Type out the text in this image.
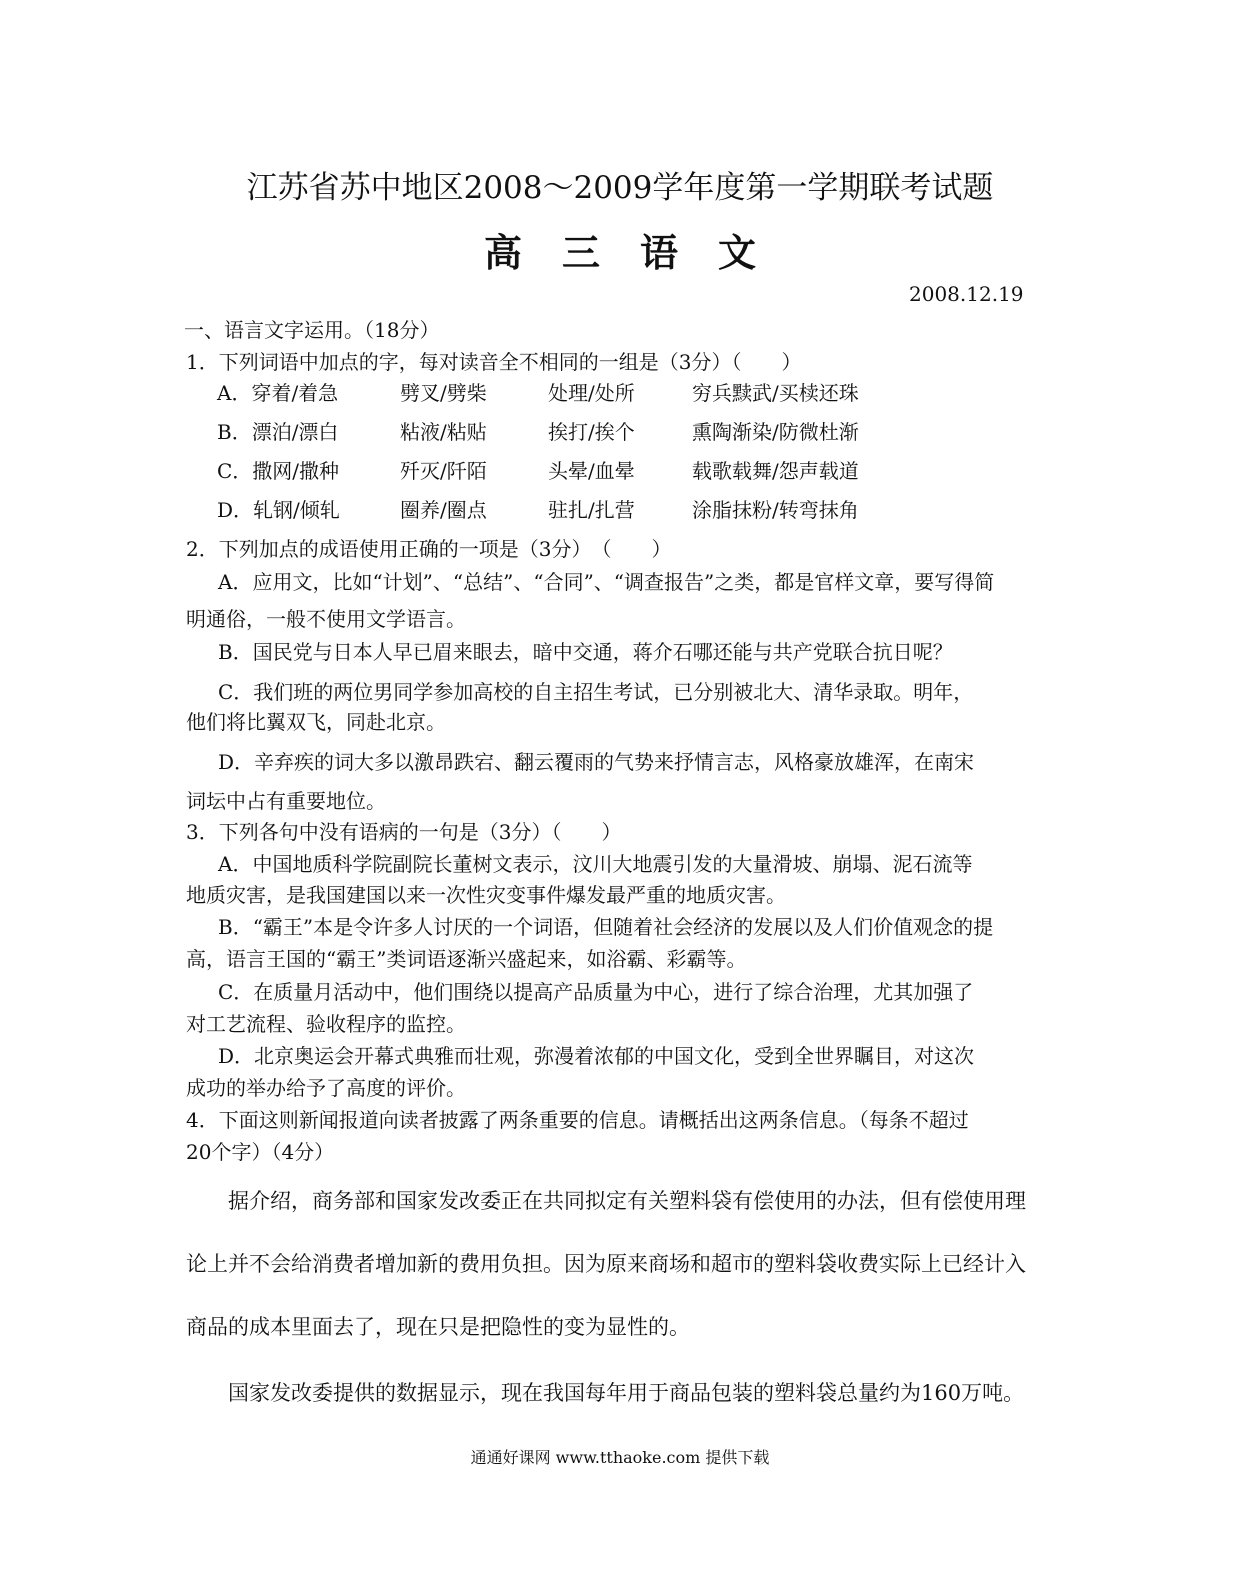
江苏省苏中地区2008～2009学年度第一学期联考试题
高三语文
2008.12.19
一、语言文字运用。（18分）
1．下列词语中加点的字，每对读音全不相同的一组是（3分）（　　）
A．穿着/着急	劈叉/劈柴	处理/处所	穷兵黩武/买椟还珠
B．漂泊/漂白	粘液/粘贴	挨打/挨个	熏陶渐染/防微杜渐
C．撒网/撒种	歼灭/阡陌	头晕/血晕	载歌载舞/怨声载道
D．轧钢/倾轧	圈养/圈点	驻扎/扎营	涂脂抹粉/转弯抹角
2．下列加点的成语使用正确的一项是（3分）　（　　）
A．应用文，比如“计划”、“总结”、“合同”、“调查报告”之类，都是官样文章，要写得简
明通俗，一般不使用文学语言。
B．国民党与日本人早已眉来眼去，暗中交通，蒋介石哪还能与共产党联合抗日呢？
C．我们班的两位男同学参加高校的自主招生考试，已分别被北大、清华录取。明年，
他们将比翼双飞，同赴北京。
D．辛弃疾的词大多以激昂跌宕、翻云覆雨的气势来抒情言志，风格豪放雄浑，在南宋
词坛中占有重要地位。
3．下列各句中没有语病的一句是（3分）（　　）
A．中国地质科学院副院长董树文表示，汶川大地震引发的大量滑坡、崩塌、泥石流等
地质灾害，是我国建国以来一次性灾变事件爆发最严重的地质灾害。
B．“霸王”本是令许多人讨厌的一个词语，但随着社会经济的发展以及人们价值观念的提
高，语言王国的“霸王”类词语逐渐兴盛起来，如浴霸、彩霸等。
C．在质量月活动中，他们围绕以提高产品质量为中心，进行了综合治理，尤其加强了
对工艺流程、验收程序的监控。
D．北京奥运会开幕式典雅而壮观，弥漫着浓郁的中国文化，受到全世界瞩目，对这次
成功的举办给予了高度的评价。
4．下面这则新闻报道向读者披露了两条重要的信息。请概括出这两条信息。（每条不超过
20个字）（4分）
据介绍，商务部和国家发改委正在共同拟定有关塑料袋有偿使用的办法，但有偿使用理
论上并不会给消费者增加新的费用负担。因为原来商场和超市的塑料袋收费实际上已经计入
商品的成本里面去了，现在只是把隐性的变为显性的。
国家发改委提供的数据显示，现在我国每年用于商品包装的塑料袋总量约为160万吨。
通通好课网 www.tthaoke.com 提供下载
